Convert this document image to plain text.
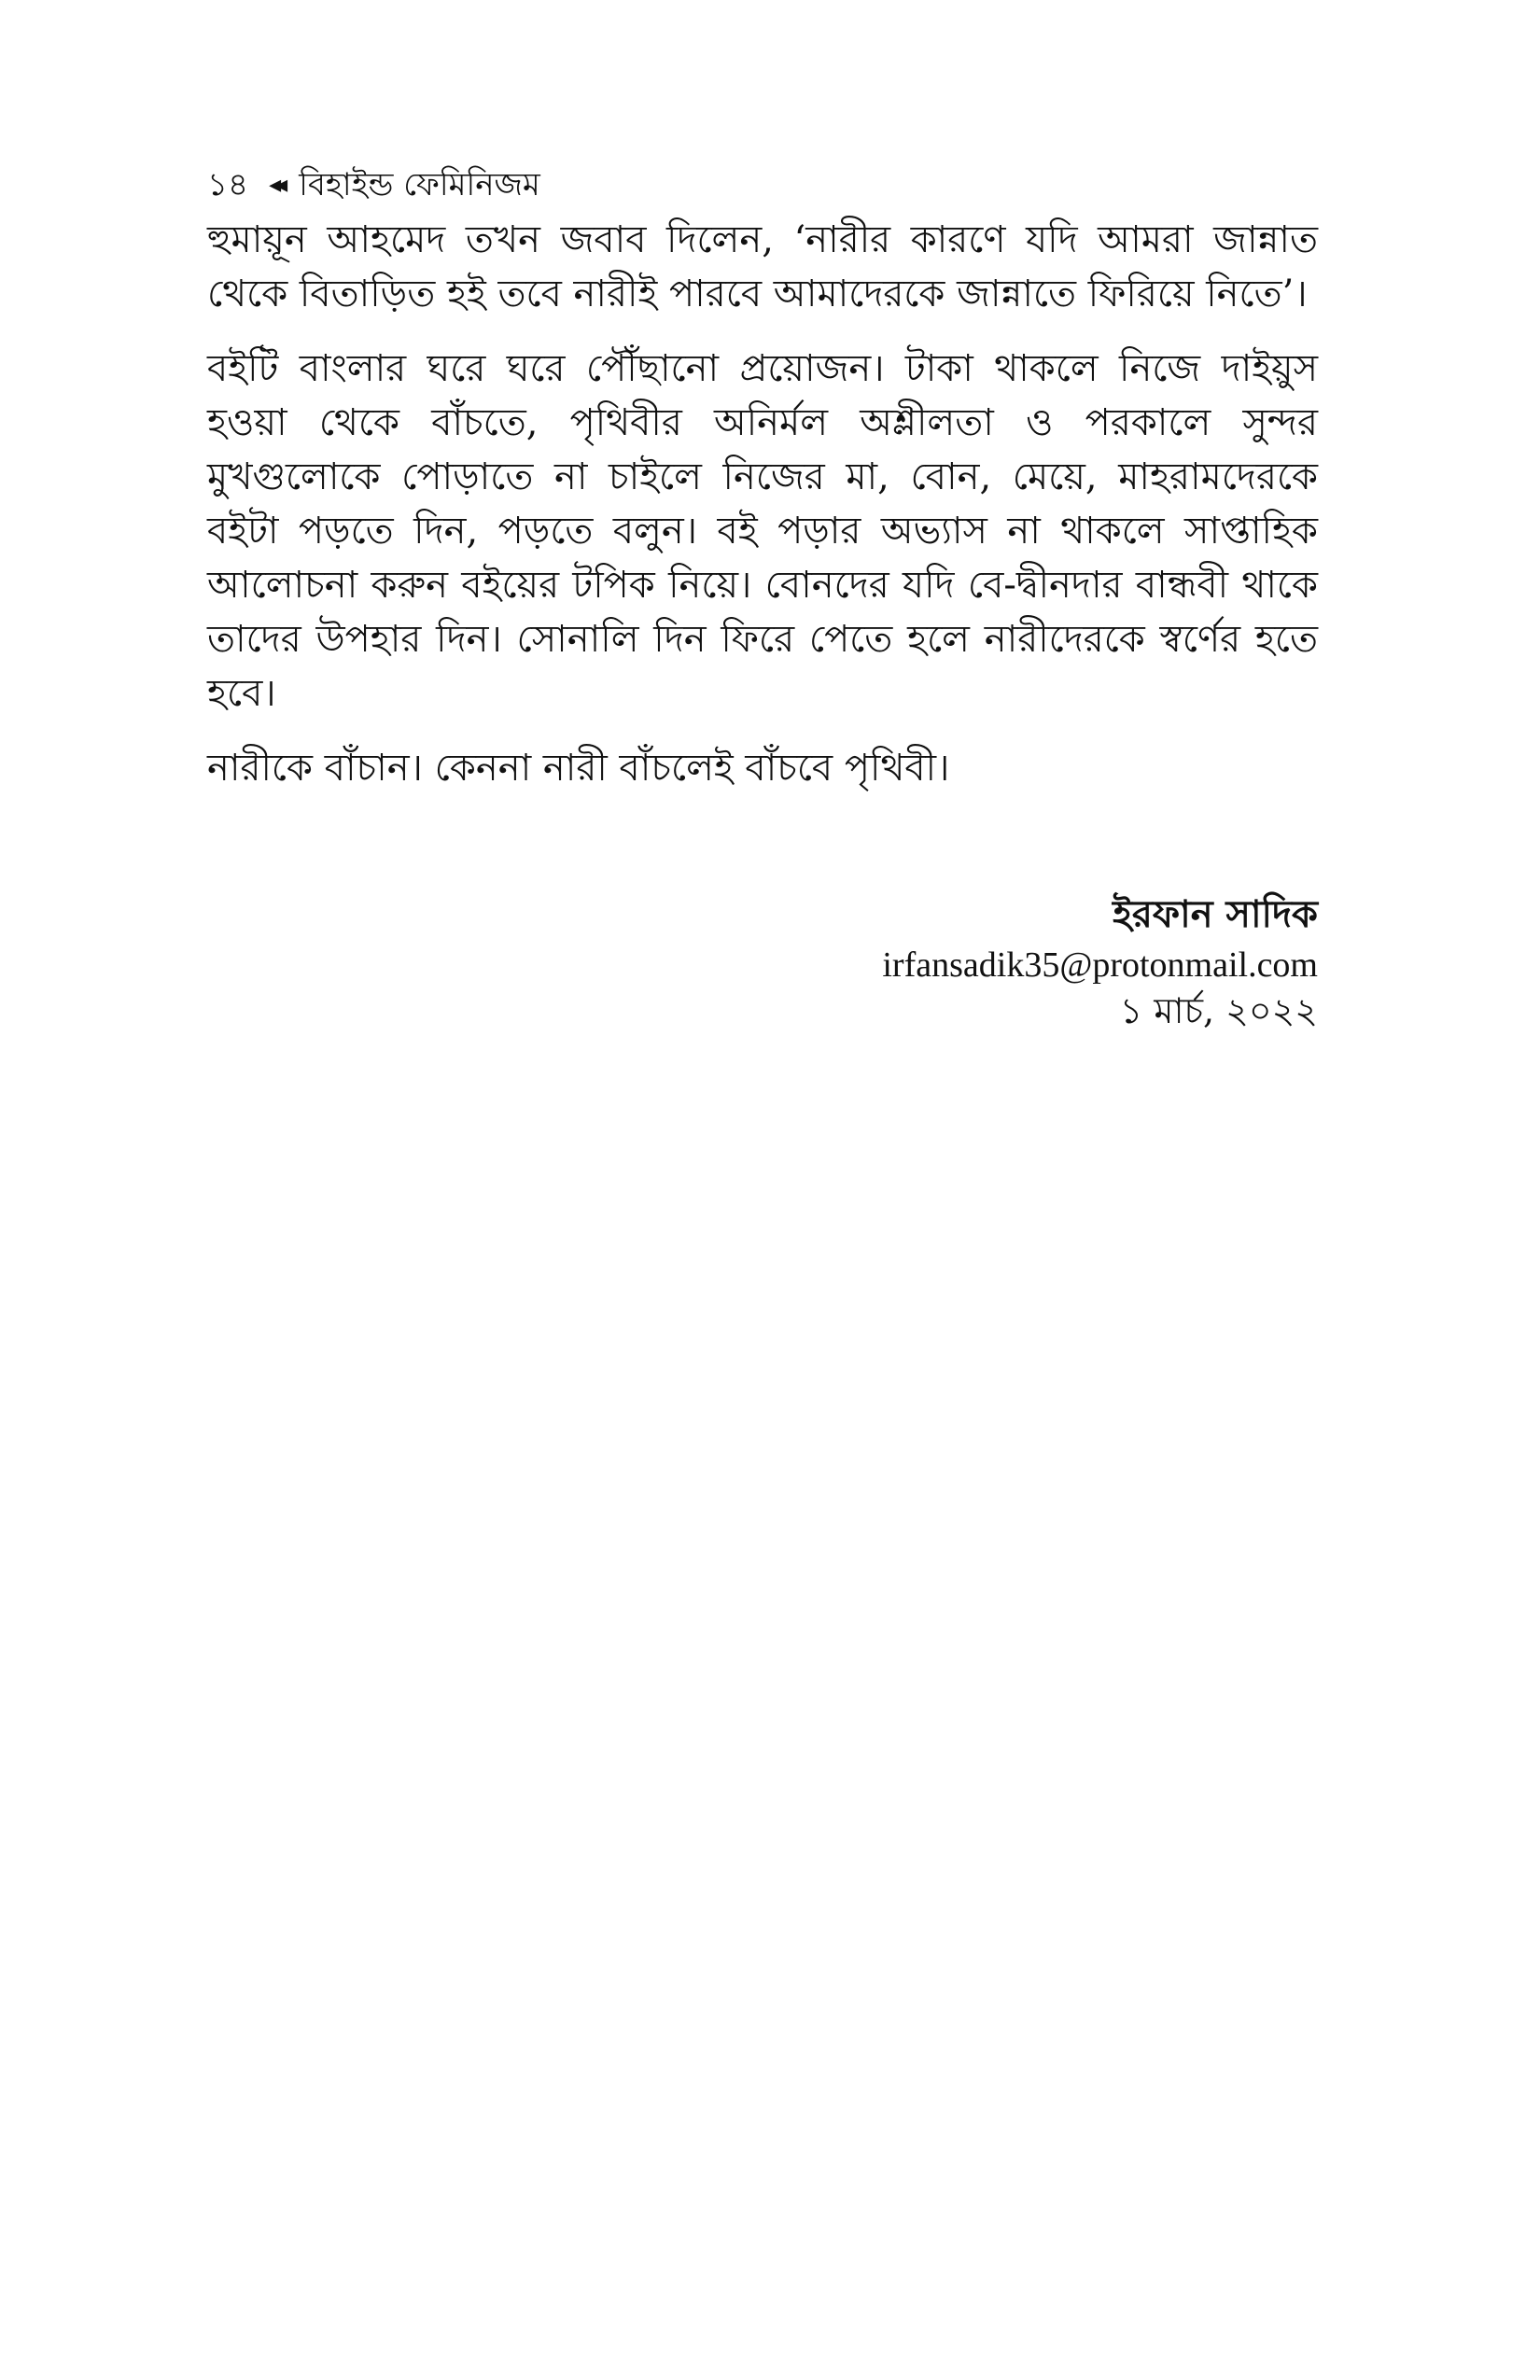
১৪ ◂◂ বিহাইন্ড ফেমিনিজম

হুমায়ূন আহমেদ তখন জবাব দিলেন, ‘নারীর কারণে যদি আমরা জান্নাত থেকে বিতাড়িত হই তবে নারীই পারবে আমাদেরকে জান্নাতে ফিরিয়ে নিতে’।

বইটি বাংলার ঘরে ঘরে পৌঁছানো প্রয়োজন। টাকা থাকলে নিজে দাইয়ুস হওয়া থেকে বাঁচতে, পৃথিবীর অনির্মল অশ্লীলতা ও পরকালে সুন্দর মুখগুলোকে পোড়াতে না চাইলে নিজের মা, বোন, মেয়ে, মাহরামদেরকে বইটা পড়তে দিন, পড়তে বলুন। বই পড়ার অভ্যাস না থাকলে সাপ্তাহিক আলোচনা করুন বইয়ের টপিক নিয়ে। বোনদের যদি বে-দ্বীনদার বান্ধবী থাকে তাদের উপহার দিন। সোনালি দিন ফিরে পেতে হলে নারীদেরকে স্বর্ণের হতে হবে।

নারীকে বাঁচান। কেননা নারী বাঁচলেই বাঁচবে পৃথিবী।

ইরফান সাদিক
irfansadik35@protonmail.com
১ মার্চ, ২০২২
